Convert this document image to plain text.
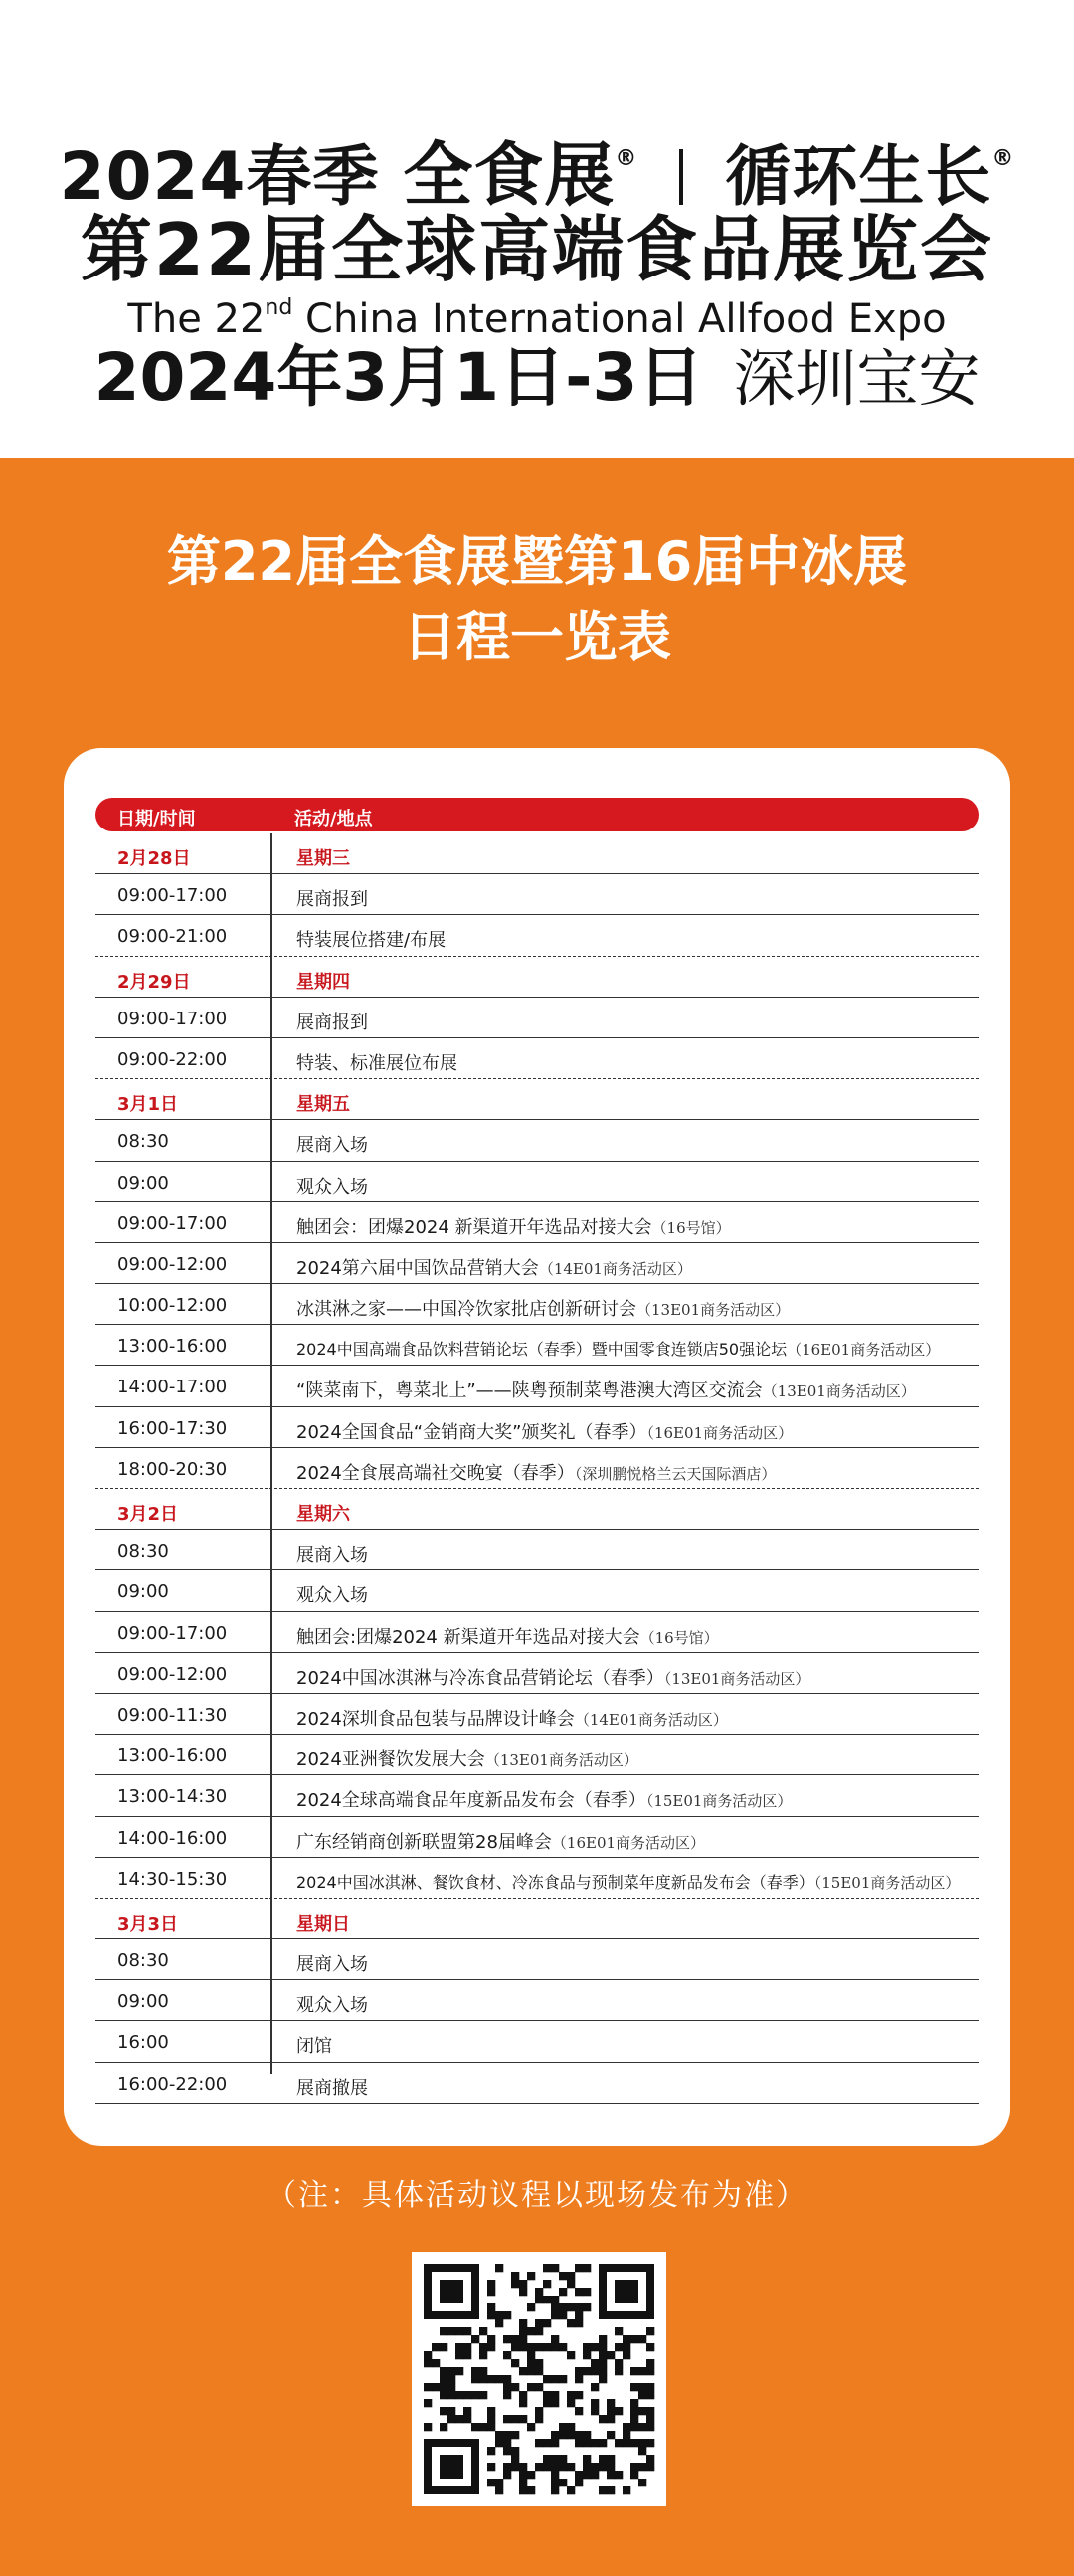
2024春季 全食展® 循环生长®
第22届全球高端食品展览会
The 22nd China International Allfood Expo
2024年3月1日-3日 深圳宝安
第22届全食展暨第16届中冰展
日程一览表
日期/时间	活动/地点
2月28日	星期三
09:00-17:00	展商报到
09:00-21:00	特装展位搭建/布展
2月29日	星期四
09:00-17:00	展商报到
09:00-22:00	特装、标准展位布展
3月1日	星期五
08:30	展商入场
09:00	观众入场
09:00-17:00	触团会：团爆2024 新渠道开年选品对接大会（16号馆）
09:00-12:00	2024第六届中国饮品营销大会（14E01商务活动区）
10:00-12:00	冰淇淋之家——中国冷饮家批店创新研讨会（13E01商务活动区）
13:00-16:00	2024中国高端食品饮料营销论坛（春季）暨中国零食连锁店50强论坛（16E01商务活动区）
14:00-17:00	“陕菜南下，粤菜北上”——陕粤预制菜粤港澳大湾区交流会（13E01商务活动区）
16:00-17:30	2024全国食品“金销商大奖”颁奖礼（春季）（16E01商务活动区）
18:00-20:30	2024全食展高端社交晚宴（春季）（深圳鹏悦格兰云天国际酒店）
3月2日	星期六
08:30	展商入场
09:00	观众入场
09:00-17:00	触团会:团爆2024 新渠道开年选品对接大会（16号馆）
09:00-12:00	2024中国冰淇淋与冷冻食品营销论坛（春季）（13E01商务活动区）
09:00-11:30	2024深圳食品包装与品牌设计峰会（14E01商务活动区）
13:00-16:00	2024亚洲餐饮发展大会（13E01商务活动区）
13:00-14:30	2024全球高端食品年度新品发布会（春季）（15E01商务活动区）
14:00-16:00	广东经销商创新联盟第28届峰会（16E01商务活动区）
14:30-15:30	2024中国冰淇淋、餐饮食材、冷冻食品与预制菜年度新品发布会（春季）（15E01商务活动区）
3月3日	星期日
08:30	展商入场
09:00	观众入场
16:00	闭馆
16:00-22:00	展商撤展
（注：具体活动议程以现场发布为准）
